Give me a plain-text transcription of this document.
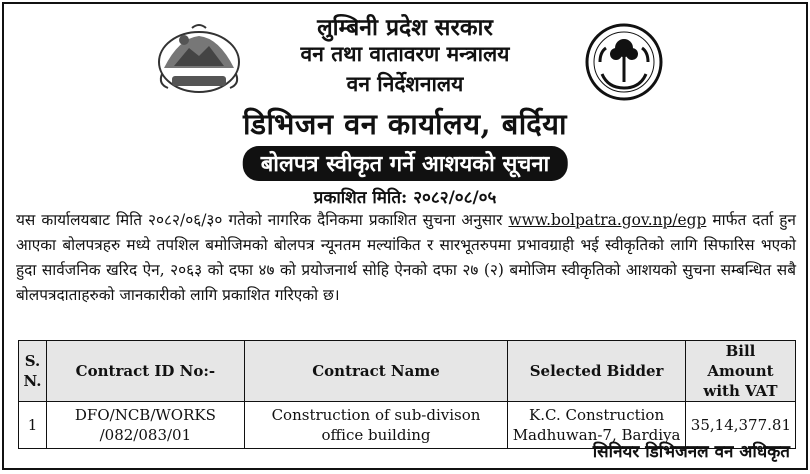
लुम्बिनी प्रदेश सरकार
वन तथा वातावरण मन्त्रालय
वन निर्देशनालय
डिभिजन वन कार्यालय, बर्दिया
बोलपत्र स्वीकृत गर्ने आशयको सूचना
प्रकाशित मिति: २०८२/०८/०५
यस कार्यालयबाट मिति २०८२/०६/३० गतेको नागरिक दैनिकमा प्रकाशित सुचना अनुसार www.bolpatra.gov.np/egp मार्फत दर्ता हुन आएका बोलपत्रहरु मध्ये तपशिल बमोजिमको बोलपत्र न्यूनतम मल्यांकित र सारभूतरुपमा प्रभावग्राही भई स्वीकृतिको लागि सिफारिस भएको हुदा सार्वजनिक खरिद ऐन, २०६३ को दफा ४७ को प्रयोजनार्थ सोहि ऐनको दफा २७ (२) बमोजिम स्वीकृतिको आशयको सुचना सम्बन्धित सबै बोलपत्रदाताहरुको जानकारीको लागि प्रकाशित गरिएको छ।
S. N.	Contract ID No:-	Contract Name	Selected Bidder	Bill Amount with VAT
1	DFO/NCB/WORKS /082/083/01	Construction of sub-divison office building	K.C. Construction Madhuwan-7, Bardiya	35,14,377.81
सिनियर डिभिजनल वन अधिकृत
